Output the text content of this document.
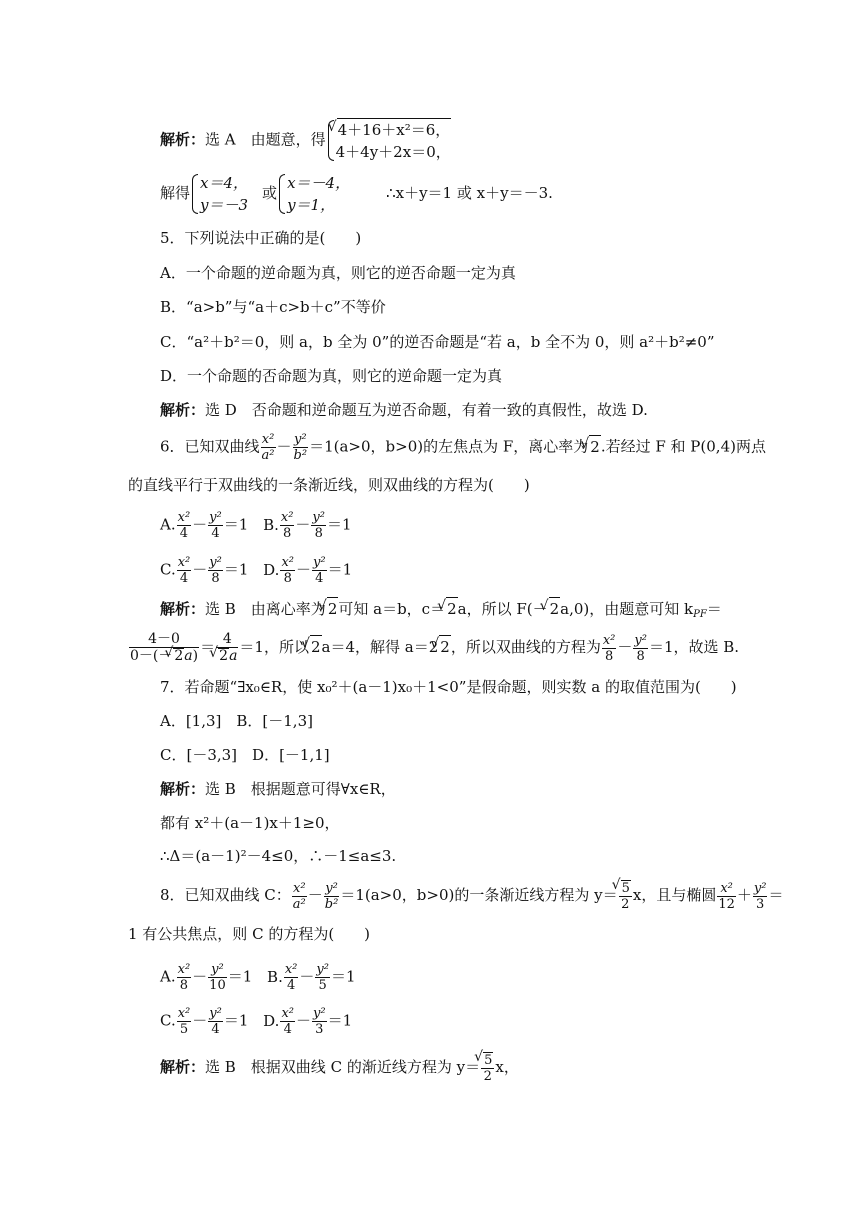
解析：选 A　由题意，得
√ 4＋16＋x²＝6，
4＋4y＋2x＝0，
解得
x＝4，
y＝－3
或
x＝－4，
y＝1，
∴x＋y＝1 或 x＋y＝－3.
5．下列说法中正确的是(　　)
A．一个命题的逆命题为真，则它的逆否命题一定为真
B．“a>b”与“a＋c>b＋c”不等价
C．“a²＋b²＝0，则 a，b 全为 0”的逆否命题是“若 a，b 全不为 0，则 a²＋b²≠0”
D．一个命题的否命题为真，则它的逆命题一定为真
解析：选 D　否命题和逆命题互为逆否命题，有着一致的真假性，故选 D.
6．已知双曲线 $\frac{\text{x²}}{\text{a²}} - \frac{\text{y²}}{\text{b²}} =1(a>0$，b>0)的左焦点为 F，离心率为 √ 2.若经过 F 和 P(0,4)两点
的直线平行于双曲线的一条渐近线，则双曲线的方程为(　　)
A. $\frac{\text{x²}}{4} - \frac{\text{y²}}{4} =1$ B. $\frac{\text{x²}}{8} - \frac{\text{y²}}{8} =1$
C. $\frac{\text{x²}}{4} - \frac{\text{y²}}{8} =1$ D. $\frac{\text{x²}}{8} - \frac{\text{y²}}{4} =1$
解析：选 B　由离心率为 √ 2可知 a＝b，c＝ √ 2a，所以 F(－ √ 2a,0)，由题意可知 $k_{PF}=$
$\frac{4-0}{0-(- √ 2a)} = 4$
√ 2a ＝1，所以 √ 2a＝4，解得 a＝2 √ 2，所以双曲线的方程为 $\frac{\text{x²}}{8} - \frac{\text{y²}}{8} =1$，故选 B.
7．若命题“∃x₀∈R，使 x₀²＋(a－1)x₀＋1<0”是假命题，则实数 a 的取值范围为(　　)
A．[1,3]　B．[－1,3]
C．[－3,3]　D．[－1,1]
解析：选 B　根据题意可得∀x∈R，
都有 x²＋(a－1)x＋1≥0，
∴Δ＝(a－1)²－4≤0，∴－1≤a≤3.
8．已知双曲线 C： $\frac{\text{x²}}{\text{a²}} - \frac{\text{y²}}{\text{b²}} =1(a>0$，b>0)的一条渐近线方程为 y＝ √ $\frac{5}{2}$ x，且与椭圆 $\frac{\text{x²}}{12} + \frac{\text{y²}}{3}$ ＝
1 有公共焦点，则 C 的方程为(　　)
A. $\frac{\text{x²}}{8} - \frac{\text{y²}}{10} =1$ B. $\frac{\text{x²}}{4} - \frac{\text{y²}}{5} =1$
C. $\frac{\text{x²}}{5} - \frac{\text{y²}}{4} =1$ D. $\frac{\text{x²}}{4} - \frac{\text{y²}}{3} =1$
解析：选 B　根据双曲线 C 的渐近线方程为 y＝ √ $\frac{5}{2}$ x，
